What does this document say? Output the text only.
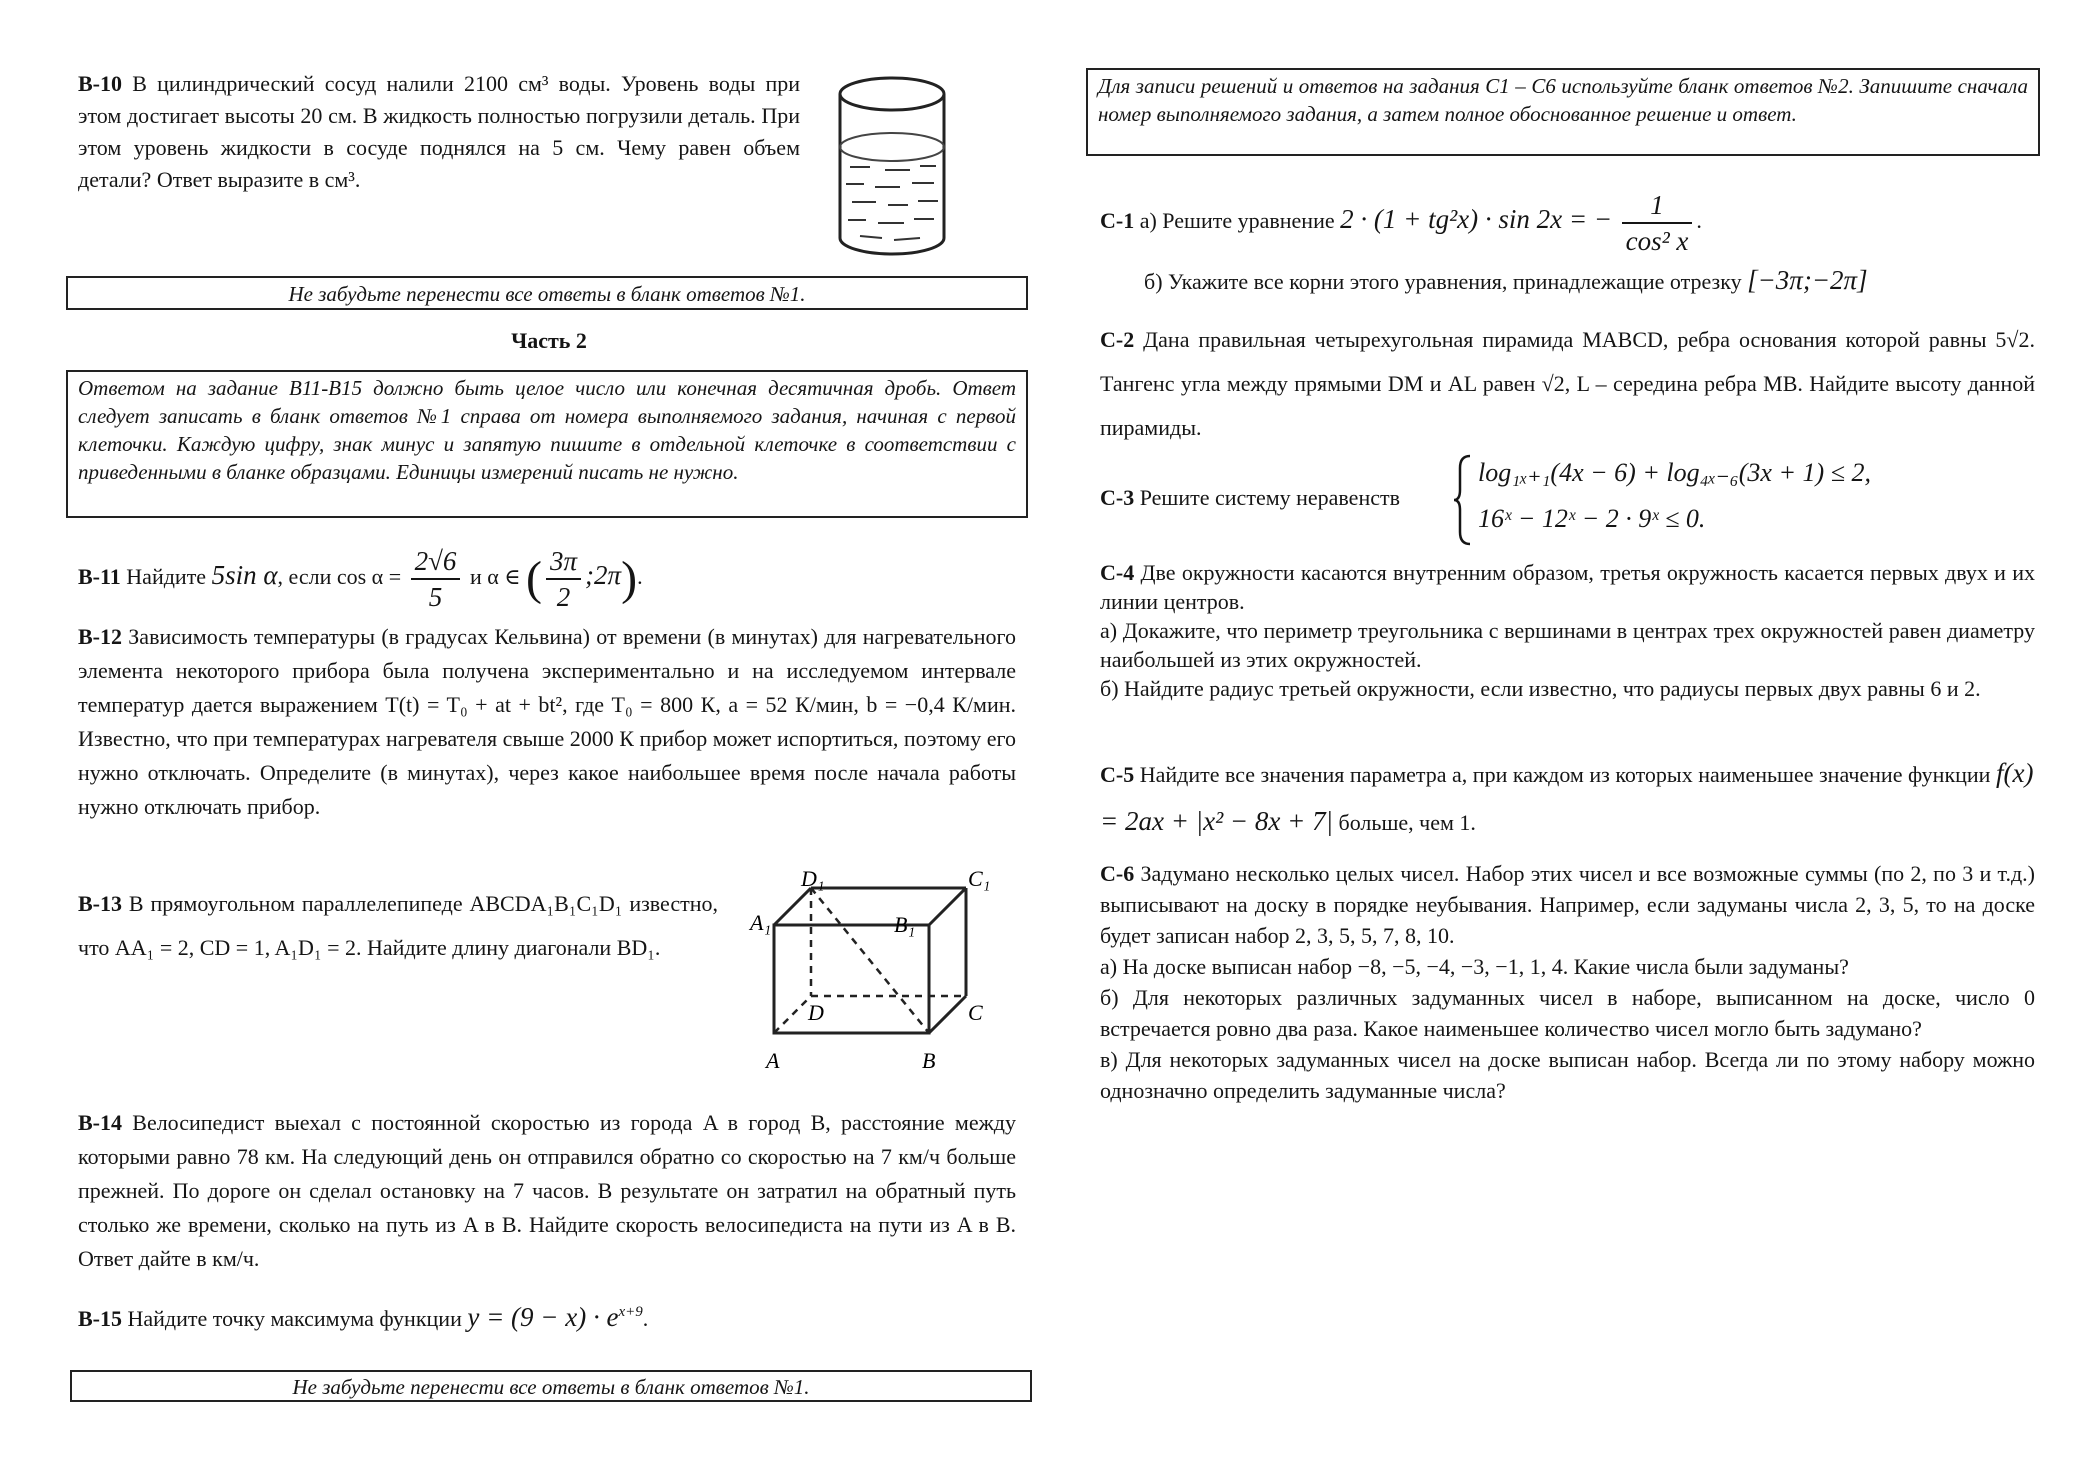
В-10 В цилиндрический сосуд налили 2100 см³ воды. Уровень воды при этом достигает высоты 20 см. В жидкость полностью погрузили деталь. При этом уровень жидкости в сосуде поднялся на 5 см. Чему равен объем детали? Ответ выразите в см³.
Не забудьте перенести все ответы в бланк ответов №1.
Часть 2
Ответом на задание В11-В15 должно быть целое число или конечная десятичная дробь. Ответ следует записать в бланк ответов №1 справа от номера выполняемого задания, начиная с первой клеточки. Каждую цифру, знак минус и запятую пишите в отдельной клеточке в соответствии с приведенными в бланке образцами. Единицы измерений писать не нужно.
В-11 Найдите 5sin α, если $\cos \alpha = \frac{2√6}{5}$ и α ∈ ( $\frac{3\pi}{2}$ ;2π).
В-12 Зависимость температуры (в градусах Кельвина) от времени (в минутах) для нагревательного элемента некоторого прибора была получена экспериментально и на исследуемом интервале температур дается выражением T(t) = T₀ + at + bt², где T₀ = 800 К, a = 52 К/мин, b = −0,4 К/мин. Известно, что при температурах нагревателя свыше 2000 К прибор может испортиться, поэтому его нужно отключать. Определите (в минутах), через какое наибольшее время после начала работы нужно отключать прибор.
В-13 В прямоугольном параллелепипеде ABCDA₁B₁C₁D₁ известно, что AA₁ = 2, CD = 1, A₁D₁ = 2. Найдите длину диагонали BD₁.
D₁	C₁
A₁	B₁
D	C
A	B
В-14 Велосипедист выехал с постоянной скоростью из города A в город B, расстояние между которыми равно 78 км. На следующий день он отправился обратно со скоростью на 7 км/ч больше прежней. По дороге он сделал остановку на 7 часов. В результате он затратил на обратный путь столько же времени, сколько на путь из A в B. Найдите скорость велосипедиста на пути из A в B. Ответ дайте в км/ч.
В-15 Найдите точку максимума функции $y = (9 - x) \cdot e^{x+9}$.
Не забудьте перенести все ответы в бланк ответов №1.
Для записи решений и ответов на задания С1 – С6 используйте бланк ответов №2. Запишите сначала номер выполняемого задания, а затем полное обоснованное решение и ответ.
С-1 а) Решите уравнение 2 · (1 + tg²x) · sin 2x = − $\frac{1}{\text{cos² x}}$ .
б) Укажите все корни этого уравнения, принадлежащие отрезку [−3π;−2π]
С-2 Дана правильная четырехугольная пирамида MABCD, ребра основания которой равны 5√2. Тангенс угла между прямыми DM и AL равен √2, L – середина ребра MB. Найдите высоту данной пирамиды.
С-3 Решите систему неравенств
log₁ₓ₊₁(4x − 6) + log₄ₓ₋₆(3x + 1) ≤ 2,
16ˣ − 12ˣ − 2 · 9ˣ ≤ 0.
С-4 Две окружности касаются внутренним образом, третья окружность касается первых двух и их линии центров.
а) Докажите, что периметр треугольника с вершинами в центрах трех окружностей равен диаметру наибольшей из этих окружностей.
б) Найдите радиус третьей окружности, если известно, что радиусы первых двух равны 6 и 2.
С-5 Найдите все значения параметра a, при каждом из которых наименьшее значение функции f(x) = 2ax + |x² − 8x + 7| больше, чем 1.
С-6 Задумано несколько целых чисел. Набор этих чисел и все возможные суммы (по 2, по 3 и т.д.) выписывают на доску в порядке неубывания. Например, если задуманы числа 2, 3, 5, то на доске будет записан набор 2, 3, 5, 5, 7, 8, 10.
а) На доске выписан набор −8, −5, −4, −3, −1, 1, 4. Какие числа были задуманы?
б) Для некоторых различных задуманных чисел в наборе, выписанном на доске, число 0 встречается ровно два раза. Какое наименьшее количество чисел могло быть задумано?
в) Для некоторых задуманных чисел на доске выписан набор. Всегда ли по этому набору можно однозначно определить задуманные числа?
